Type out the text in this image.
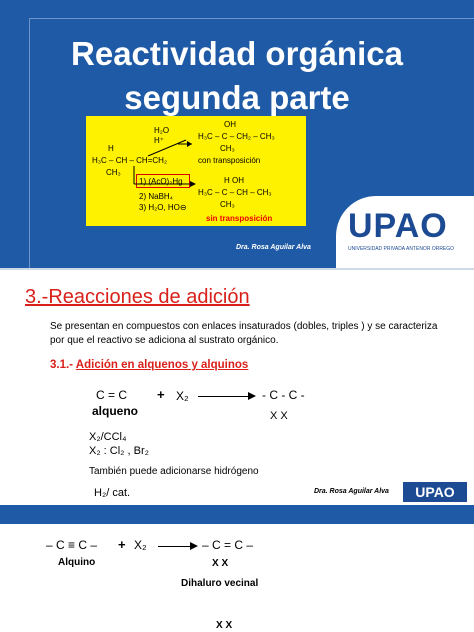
Reactividad orgánica
segunda parte
H
H₃C – CH – CH=CH₂
CH₃
H₂O
H⁺
OH
H₃C – C – CH₂ – CH₃
CH₃
con transposición
1) (AcO)₂Hg
2) NaBH₄
3) H₂O, HO⊖
H OH
H₃C – C – CH – CH₃
CH₃
sin transposición
Dra. Rosa Aguilar Alva
UPAO
UNIVERSIDAD PRIVADA ANTENOR ORREGO
3.-Reacciones de adición
Se presentan en compuestos con enlaces insaturados (dobles, triples ) y se caracteriza por que el reactivo se adiciona al sustrato orgánico.
3.1.- Adición en alquenos y alquinos
C = C
alqueno
+ X₂	- C - C -
X X
X₂/CCl₄
X₂ : Cl₂ , Br₂
También puede adicionarse hidrógeno
H₂/ cat.	Dra. Rosa Aguilar Alva	UPAO
– C ≡ C – + X₂	– C = C –
X X
Alquino
Dihaluro vecinal
X X
